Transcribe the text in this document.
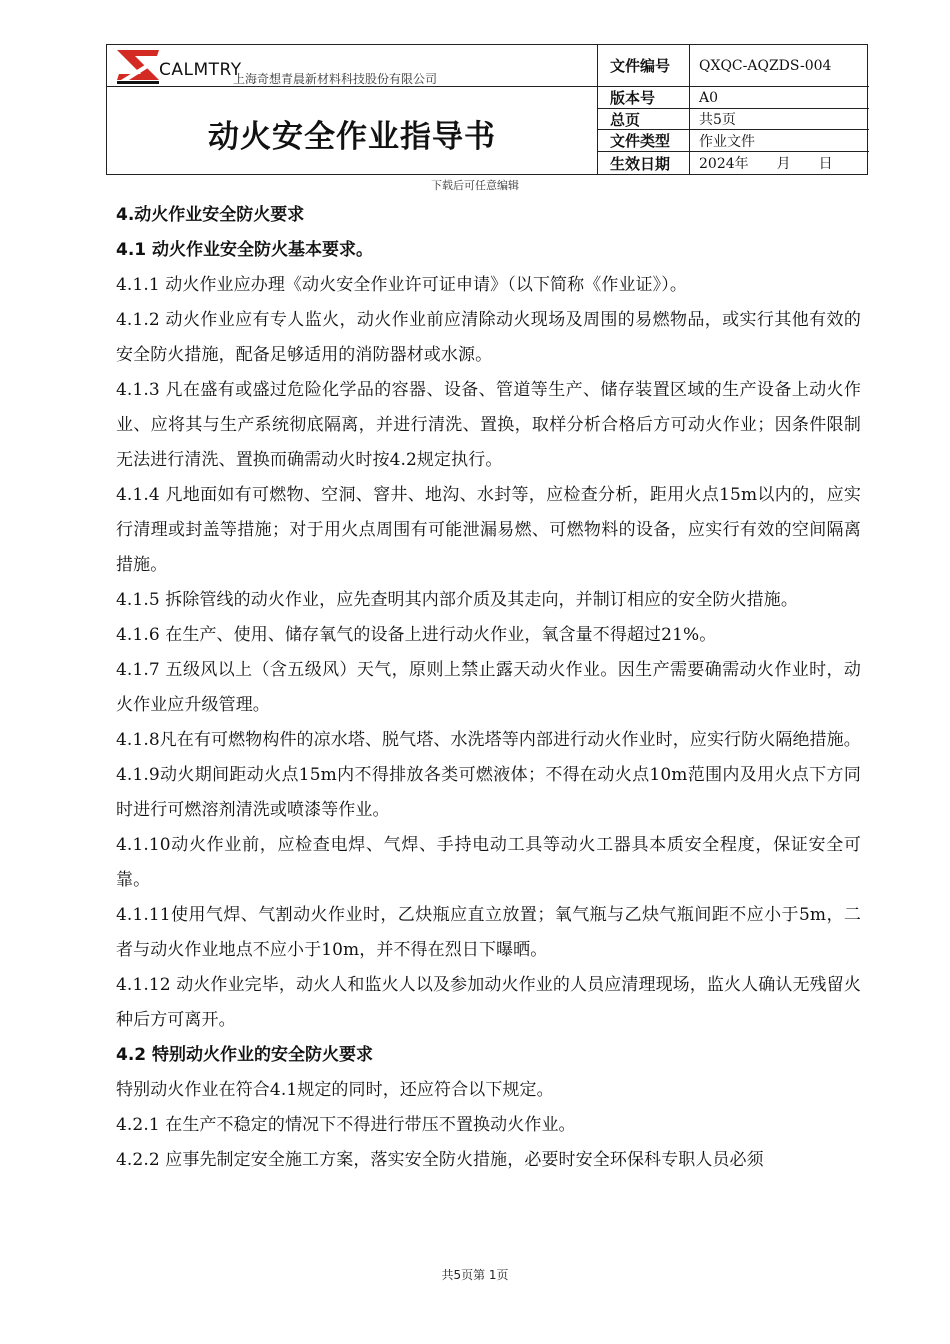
CALMTRY
上海奇想青晨新材料科技股份有限公司
动火安全作业指导书
文件编号	QXQC-AQZDS-004
版本号	A0
总页	共5页
文件类型	作业文件
生效日期	2024年　　月　　日
下载后可任意编辑

4.动火作业安全防火要求

4.1 动火作业安全防火基本要求。

4.1.1 动火作业应办理《动火安全作业许可证申请》（以下简称《作业证》）。

4.1.2 动火作业应有专人监火，动火作业前应清除动火现场及周围的易燃物品，或实行其他有效的安全防火措施，配备足够适用的消防器材或水源。

4.1.3 凡在盛有或盛过危险化学品的容器、设备、管道等生产、储存装置区域的生产设备上动火作业、应将其与生产系统彻底隔离，并进行清洗、置换，取样分析合格后方可动火作业；因条件限制无法进行清洗、置换而确需动火时按4.2规定执行。

4.1.4 凡地面如有可燃物、空洞、窨井、地沟、水封等，应检查分析，距用火点15m以内的，应实行清理或封盖等措施；对于用火点周围有可能泄漏易燃、可燃物料的设备，应实行有效的空间隔离措施。

4.1.5 拆除管线的动火作业，应先查明其内部介质及其走向，并制订相应的安全防火措施。

4.1.6 在生产、使用、储存氧气的设备上进行动火作业，氧含量不得超过21%。

4.1.7 五级风以上（含五级风）天气，原则上禁止露天动火作业。因生产需要确需动火作业时，动火作业应升级管理。

4.1.8凡在有可燃物构件的凉水塔、脱气塔、水洗塔等内部进行动火作业时，应实行防火隔绝措施。

4.1.9动火期间距动火点15m内不得排放各类可燃液体；不得在动火点10m范围内及用火点下方同时进行可燃溶剂清洗或喷漆等作业。

4.1.10动火作业前，应检查电焊、气焊、手持电动工具等动火工器具本质安全程度，保证安全可靠。

4.1.11使用气焊、气割动火作业时，乙炔瓶应直立放置；氧气瓶与乙炔气瓶间距不应小于5m，二者与动火作业地点不应小于10m，并不得在烈日下曝晒。

4.1.12 动火作业完毕，动火人和监火人以及参加动火作业的人员应清理现场，监火人确认无残留火种后方可离开。

4.2 特别动火作业的安全防火要求

特别动火作业在符合4.1规定的同时，还应符合以下规定。

4.2.1 在生产不稳定的情况下不得进行带压不置换动火作业。

4.2.2 应事先制定安全施工方案，落实安全防火措施，必要时安全环保科专职人员必须

共5页第 1页
